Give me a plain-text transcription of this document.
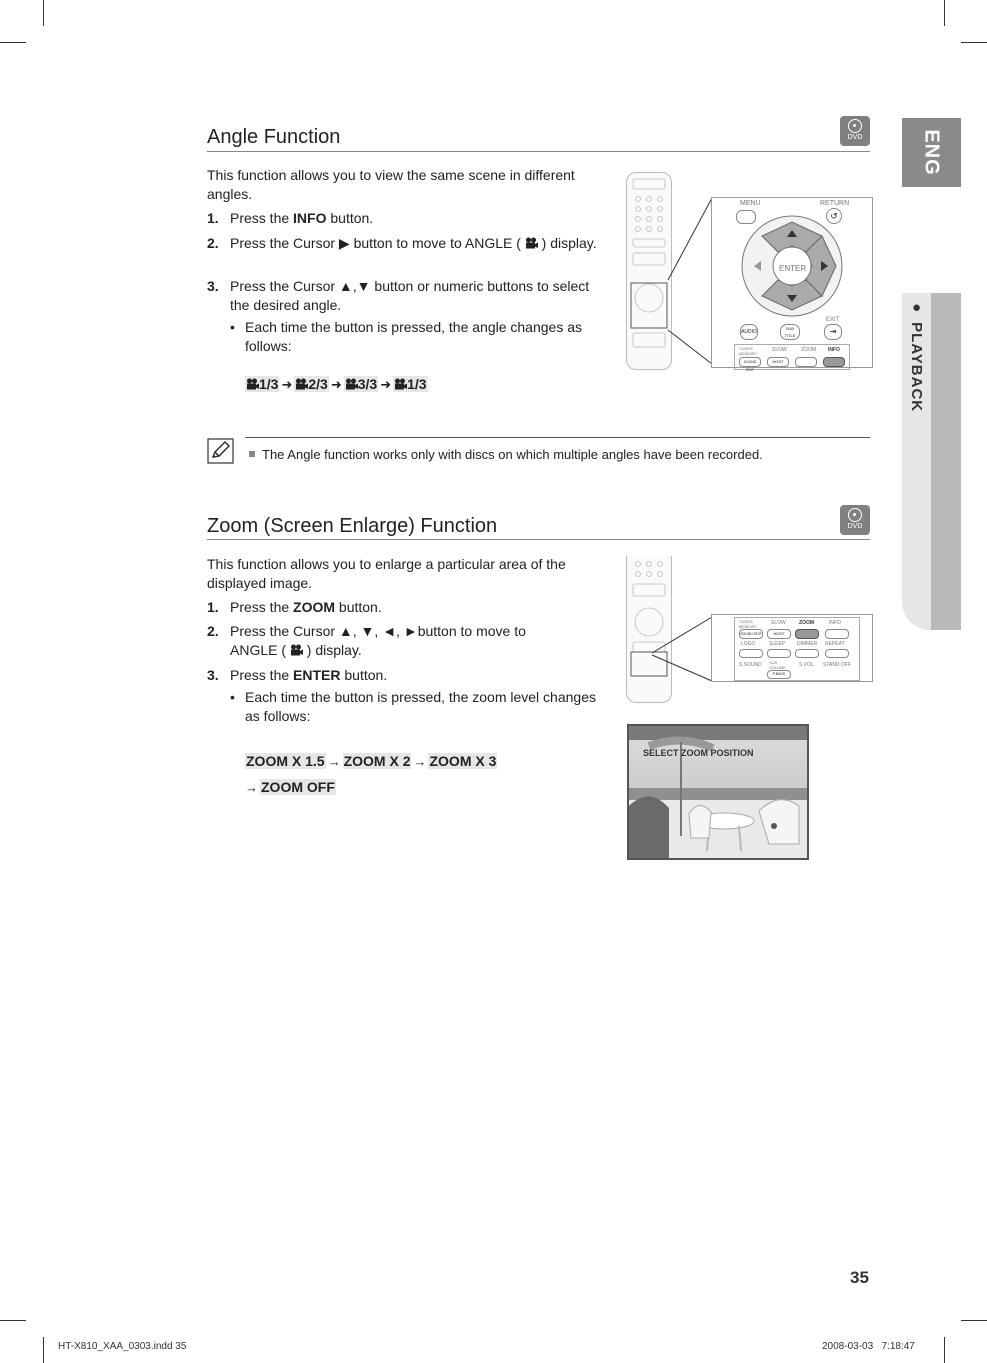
ENG
● PLAYBACK
Angle Function	DVD
This function allows you to view the same scene in different angles.
1. Press the INFO button.
2. Press the Cursor ▶ button to move to ANGLE (  ) display.
3. Press the Cursor ▲,▼ button or numeric buttons to select the desired angle.
• Each time the button is pressed, the angle changes as follows:
1/3 ➜ 2/3 ➜ 3/3 ➜ 1/3
MENU	RETURN
↺
ENTER
EXIT
AUDIO
SUB TITLE	⇥
TUNER MEMORY
SLOW	ZOOM INFO
SOUND EDIT
MO/ST
The Angle function works only with discs on which multiple angles have been recorded.
Zoom (Screen Enlarge) Function	DVD
This function allows you to enlarge a particular area of the displayed image.
1. Press the ZOOM button.
2. Press the Cursor ▲, ▼, ◄, ►button to move to ANGLE (  ) display.
3. Press the ENTER button.
• Each time the button is pressed, the zoom level changes as follows:
ZOOM X 1.5 → ZOOM X 2 → ZOOM X 3
→ ZOOM OFF
TUNER MEMORY
SLOW	ZOOM	INFO
SOUND EDIT	MO/ST
LOGO	SLEEP DIMMER REPEAT
S.SOUND SUB VOLUME	S.VOL STAND OFF
P.BASS
SELECT ZOOM POSITION
35
HT-X810_XAA_0303.indd 35	2008-03-03   7:18:47
